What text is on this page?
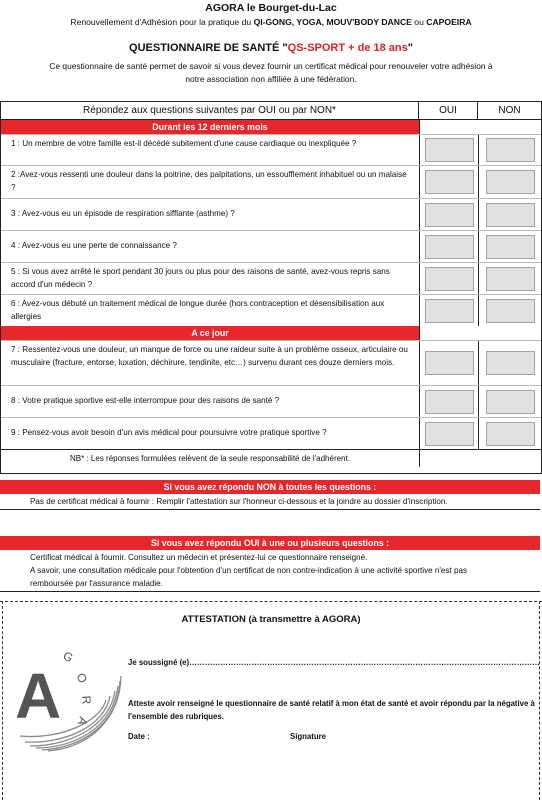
AGORA le Bourget-du-Lac
Renouvellement d'Adhésion pour la pratique du QI-GONG, YOGA, MOUV'BODY DANCE ou CAPOEIRA
QUESTIONNAIRE DE SANTÉ "QS-SPORT + de 18 ans"
Ce questionnaire de santé permet de savoir si vous devez fournir un certificat médical pour renouveler votre adhésion à notre association non affiliée à une fédération.
Répondez aux questions suivantes par OUI ou par NON*	OUI	NON
Durant les 12 derniers mois
1 : Un membre de votre famille est-il décédé subitement d'une cause cardiaque ou inexpliquée ?
2 :Avez-vous ressenti une douleur dans la poitrine, des palpitations, un essoufflement inhabituel ou un malaise ?
3 : Avez-vous eu un épisode de respiration sifflante (asthme) ?
4 : Avez-vous eu une perte de connaissance ?
5 : Si vous avez arrêté le sport pendant 30 jours ou plus pour des raisons de santé, avez-vous repris sans accord d'un médecin ?
6 : Avez-vous débuté un traitement médical de longue durée (hors contraception et désensibilisation aux allergies
A ce jour
7 : Ressentez-vous une douleur, un manque de force ou une raideur suite à un problème osseux, articulaire ou musculaire (fracture, entorse, luxation, déchirure, tendinite, etc…) survenu durant ces douze derniers mois.
8 : Votre pratique sportive est-elle interrompue pour des raisons de santé ?
9 : Pensez-vous avoir besoin d'un avis médical pour poursuivre votre pratique sportive ?
NB* : Les réponses formulées relèvent de la seule responsabilité de l'adhérent.
Si vous avez répondu NON à toutes les questions :
Pas de certificat médical à fournir : Remplir l'attestation sur l'honneur ci-dessous et la joindre au dossier d'inscription.
Si vous avez répondu OUI à une ou plusieurs questions :
Certificat médical à fournir. Consultez un médecin et présentez-lui ce questionnaire renseigné.
A savoir, une consultation médicale pour l'obtention d'un certificat de non contre-indication à une activité sportive n'est pas remboursée par l'assurance maladie.
ATTESTATION (à transmettre à AGORA)
A
G
O
R
A
Je soussigné (e)………………………………………………………………………………………………………………………
Atteste avoir renseigné le questionnaire de santé relatif à mon état de santé et avoir répondu par la négative à l'ensemble des rubriques.
Date :	Signature
